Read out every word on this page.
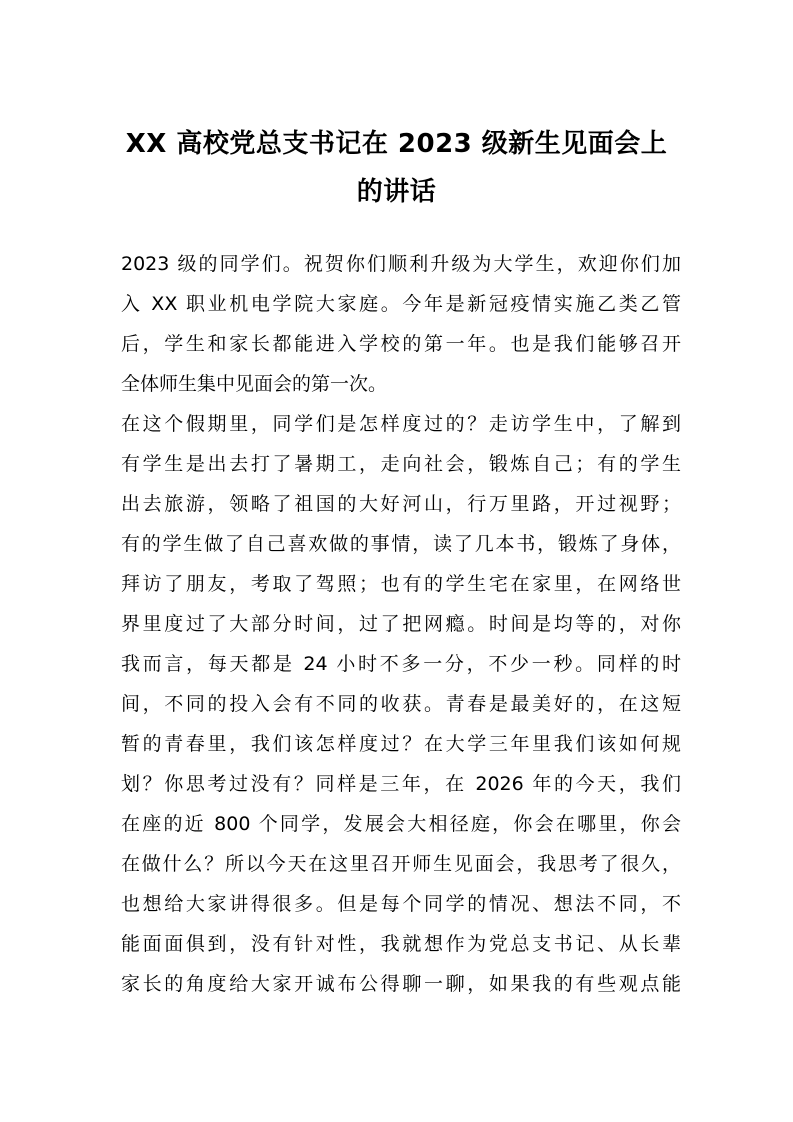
XX 高校党总支书记在 2023 级新生见面会上
的讲话
2023 级的同学们。祝贺你们顺利升级为大学生，欢迎你们加
入 XX 职业机电学院大家庭。今年是新冠疫情实施乙类乙管
后，学生和家长都能进入学校的第一年。也是我们能够召开
全体师生集中见面会的第一次。
在这个假期里，同学们是怎样度过的？走访学生中，了解到
有学生是出去打了暑期工，走向社会，锻炼自己；有的学生
出去旅游，领略了祖国的大好河山，行万里路，开过视野；
有的学生做了自己喜欢做的事情，读了几本书，锻炼了身体，
拜访了朋友，考取了驾照；也有的学生宅在家里，在网络世
界里度过了大部分时间，过了把网瘾。时间是均等的，对你
我而言，每天都是 24 小时不多一分，不少一秒。同样的时
间，不同的投入会有不同的收获。青春是最美好的，在这短
暂的青春里，我们该怎样度过？在大学三年里我们该如何规
划？你思考过没有？同样是三年，在 2026 年的今天，我们
在座的近 800 个同学，发展会大相径庭，你会在哪里，你会
在做什么？所以今天在这里召开师生见面会，我思考了很久，
也想给大家讲得很多。但是每个同学的情况、想法不同，不
能面面俱到，没有针对性，我就想作为党总支书记、从长辈
家长的角度给大家开诚布公得聊一聊，如果我的有些观点能
